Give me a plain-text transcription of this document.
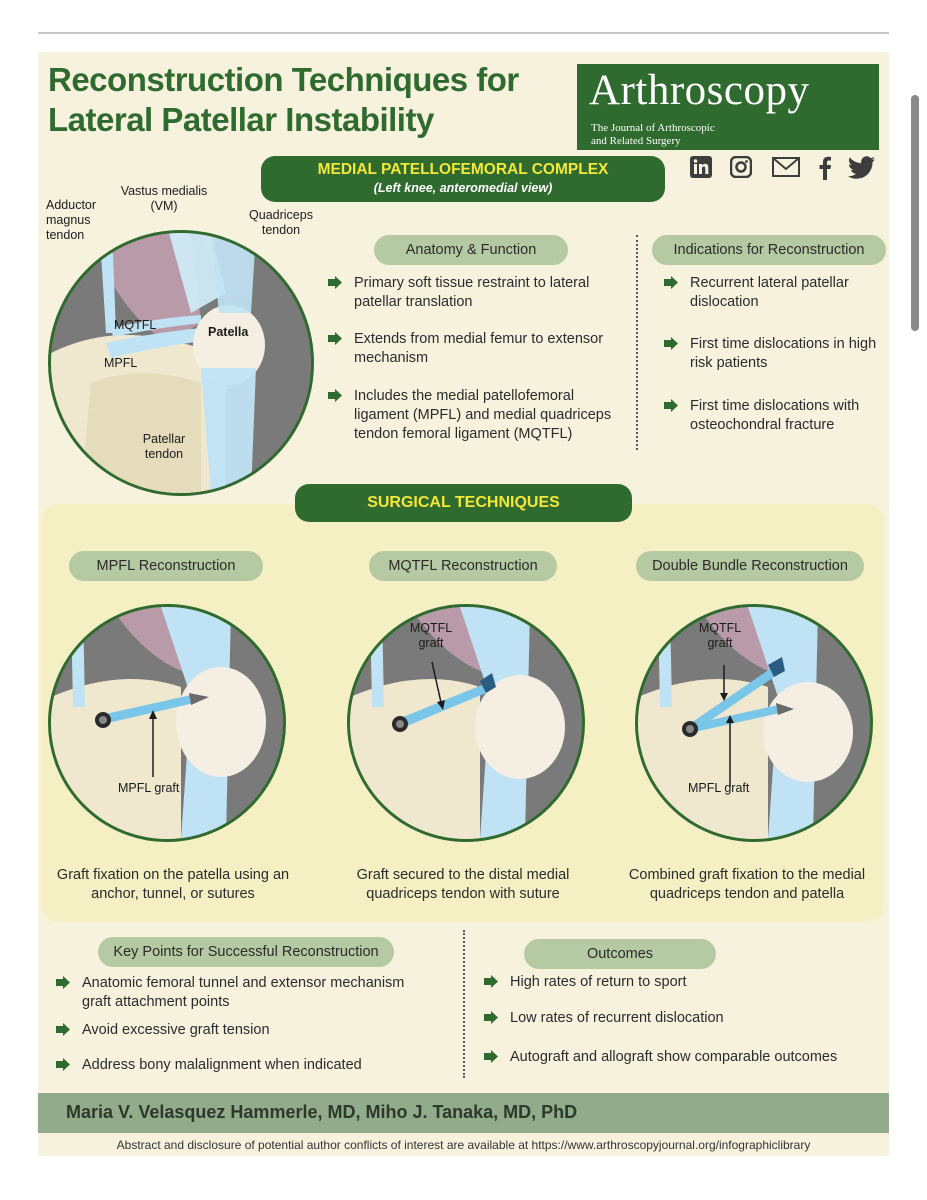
Reconstruction Techniques for
Lateral Patellar Instability
Arthroscopy
The Journal of Arthroscopic
and Related Surgery
MEDIAL PATELLOFEMORAL COMPLEX
(Left knee, anteromedial view)
Adductor magnus tendon
Vastus medialis (VM)
Quadriceps tendon
MQTFL	Patella
MPFL
Patellar tendon
Anatomy & Function
Primary soft tissue restraint to lateral patellar translation
Extends from medial femur to extensor mechanism
Includes the medial patellofemoral ligament (MPFL) and medial quadriceps tendon femoral ligament (MQTFL)
Indications for Reconstruction
Recurrent lateral patellar dislocation
First time dislocations in high risk patients
First time dislocations with osteochondral fracture
SURGICAL TECHNIQUES
MPFL Reconstruction
MPFL graft
Graft fixation on the patella using an anchor, tunnel, or sutures
MQTFL Reconstruction
MQTFL graft
Graft secured to the distal medial quadriceps tendon with suture
Double Bundle Reconstruction
MQTFL graft
MPFL graft
Combined graft fixation to the medial quadriceps tendon and patella
Key Points for Successful Reconstruction
Anatomic femoral tunnel and extensor mechanism graft attachment points
Avoid excessive graft tension
Address bony malalignment when indicated
Outcomes
High rates of return to sport
Low rates of recurrent dislocation
Autograft and allograft show comparable outcomes
Maria V. Velasquez Hammerle, MD, Miho J. Tanaka, MD, PhD
Abstract and disclosure of potential author conflicts of interest are available at https://www.arthroscopyjournal.org/infographiclibrary
